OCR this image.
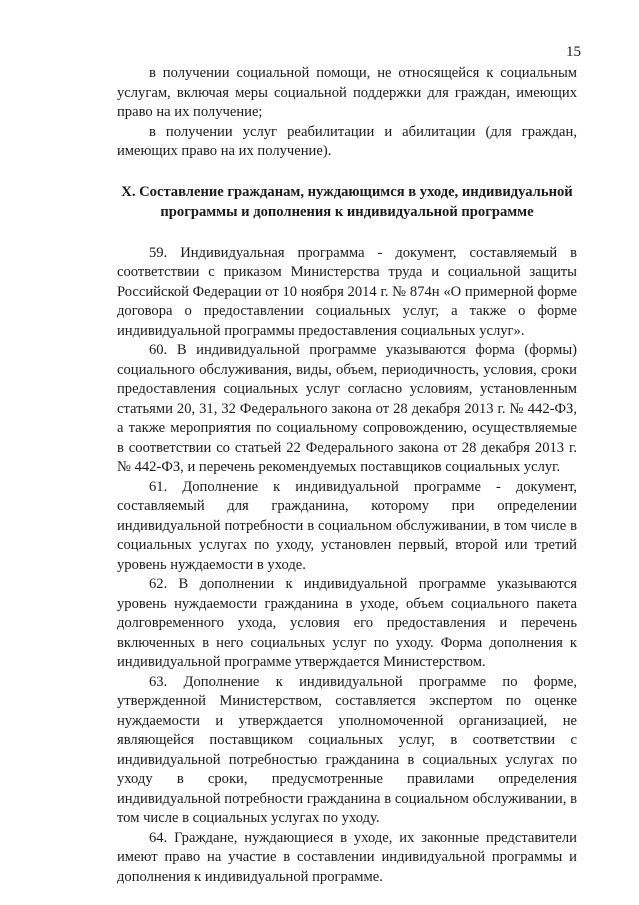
15

в получении социальной помощи, не относящейся к социальным услугам, включая меры социальной поддержки для граждан, имеющих право на их получение;

в получении услуг реабилитации и абилитации (для граждан, имеющих право на их получение).

X. Составление гражданам, нуждающимся в уходе, индивидуальной программы и дополнения к индивидуальной программе

59. Индивидуальная программа - документ, составляемый в соответствии с приказом Министерства труда и социальной защиты Российской Федерации от 10 ноября 2014 г. № 874н «О примерной форме договора о предоставлении социальных услуг, а также о форме индивидуальной программы предоставления социальных услуг».

60. В индивидуальной программе указываются форма (формы) социального обслуживания, виды, объем, периодичность, условия, сроки предоставления социальных услуг согласно условиям, установленным статьями 20, 31, 32 Федерального закона от 28 декабря 2013 г. № 442-ФЗ, а также мероприятия по социальному сопровождению, осуществляемые в соответствии со статьей 22 Федерального закона от 28 декабря 2013 г. № 442-ФЗ, и перечень рекомендуемых поставщиков социальных услуг.

61. Дополнение к индивидуальной программе - документ, составляемый для гражданина, которому при определении индивидуальной потребности в социальном обслуживании, в том числе в социальных услугах по уходу, установлен первый, второй или третий уровень нуждаемости в уходе.

62. В дополнении к индивидуальной программе указываются уровень нуждаемости гражданина в уходе, объем социального пакета долговременного ухода, условия его предоставления и перечень включенных в него социальных услуг по уходу. Форма дополнения к индивидуальной программе утверждается Министерством.

63. Дополнение к индивидуальной программе по форме, утвержденной Министерством, составляется экспертом по оценке нуждаемости и утверждается уполномоченной организацией, не являющейся поставщиком социальных услуг, в соответствии с индивидуальной потребностью гражданина в социальных услугах по уходу в сроки, предусмотренные правилами определения индивидуальной потребности гражданина в социальном обслуживании, в том числе в социальных услугах по уходу.

64. Граждане, нуждающиеся в уходе, их законные представители имеют право на участие в составлении индивидуальной программы и дополнения к индивидуальной программе.
